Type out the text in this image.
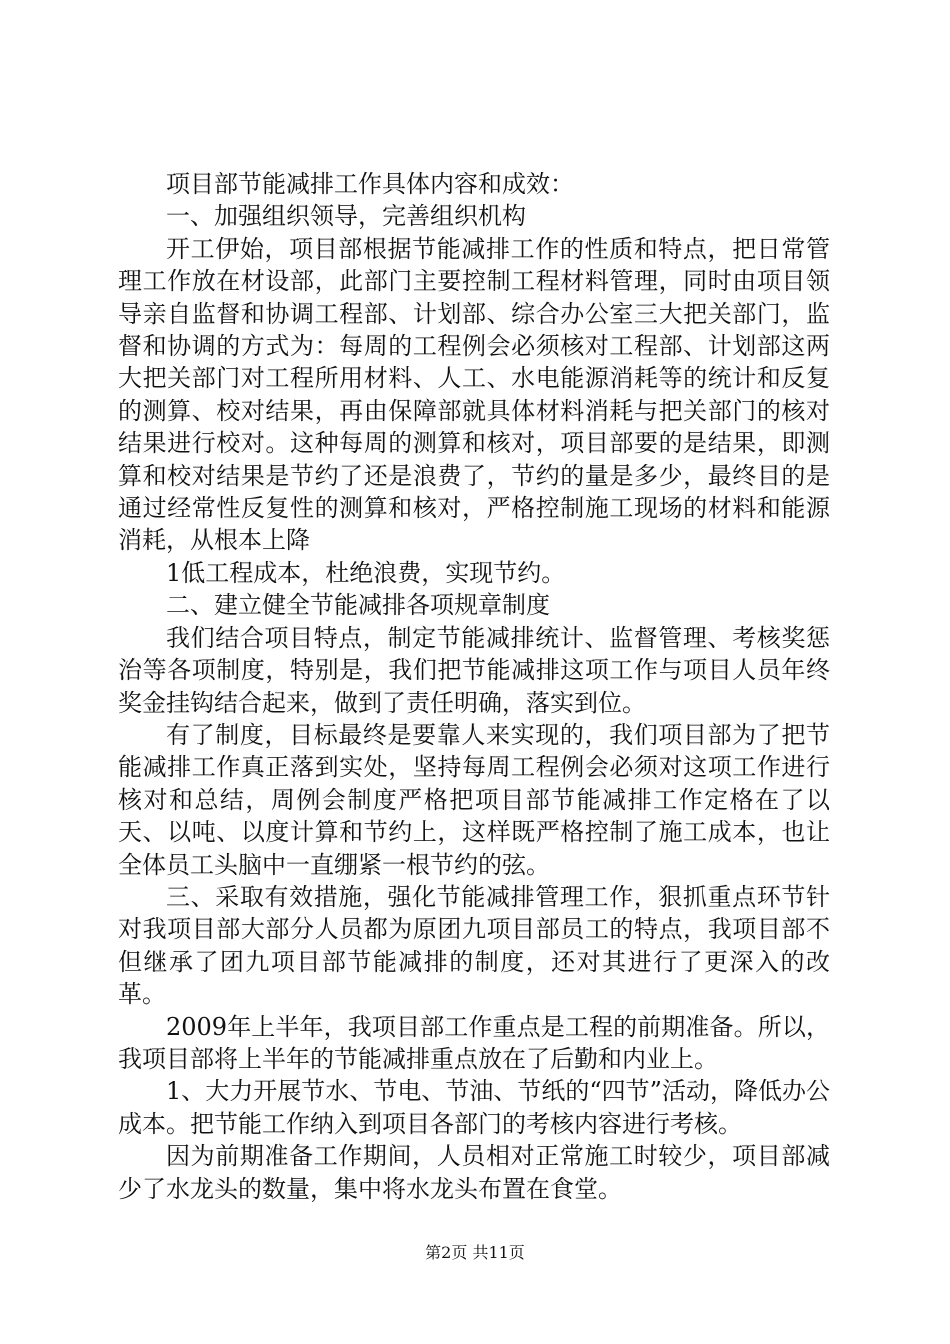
项目部节能减排工作具体内容和成效：

一、加强组织领导，完善组织机构

开工伊始，项目部根据节能减排工作的性质和特点，把日常管理工作放在材设部，此部门主要控制工程材料管理，同时由项目领导亲自监督和协调工程部、计划部、综合办公室三大把关部门，监督和协调的方式为：每周的工程例会必须核对工程部、计划部这两大把关部门对工程所用材料、人工、水电能源消耗等的统计和反复的测算、校对结果，再由保障部就具体材料消耗与把关部门的核对结果进行校对。这种每周的测算和核对，项目部要的是结果，即测算和校对结果是节约了还是浪费了，节约的量是多少，最终目的是通过经常性反复性的测算和核对，严格控制施工现场的材料和能源消耗，从根本上降

1低工程成本，杜绝浪费，实现节约。

二、建立健全节能减排各项规章制度

我们结合项目特点，制定节能减排统计、监督管理、考核奖惩治等各项制度，特别是，我们把节能减排这项工作与项目人员年终奖金挂钩结合起来，做到了责任明确，落实到位。

有了制度，目标最终是要靠人来实现的，我们项目部为了把节能减排工作真正落到实处，坚持每周工程例会必须对这项工作进行核对和总结，周例会制度严格把项目部节能减排工作定格在了以天、以吨、以度计算和节约上，这样既严格控制了施工成本，也让全体员工头脑中一直绷紧一根节约的弦。

三、采取有效措施，强化节能减排管理工作，狠抓重点环节针对我项目部大部分人员都为原团九项目部员工的特点，我项目部不但继承了团九项目部节能减排的制度，还对其进行了更深入的改革。

2009年上半年，我项目部工作重点是工程的前期准备。所以，我项目部将上半年的节能减排重点放在了后勤和内业上。

1、大力开展节水、节电、节油、节纸的“四节”活动，降低办公成本。把节能工作纳入到项目各部门的考核内容进行考核。

因为前期准备工作期间，人员相对正常施工时较少，项目部减少了水龙头的数量，集中将水龙头布置在食堂。

第2页 共11页
